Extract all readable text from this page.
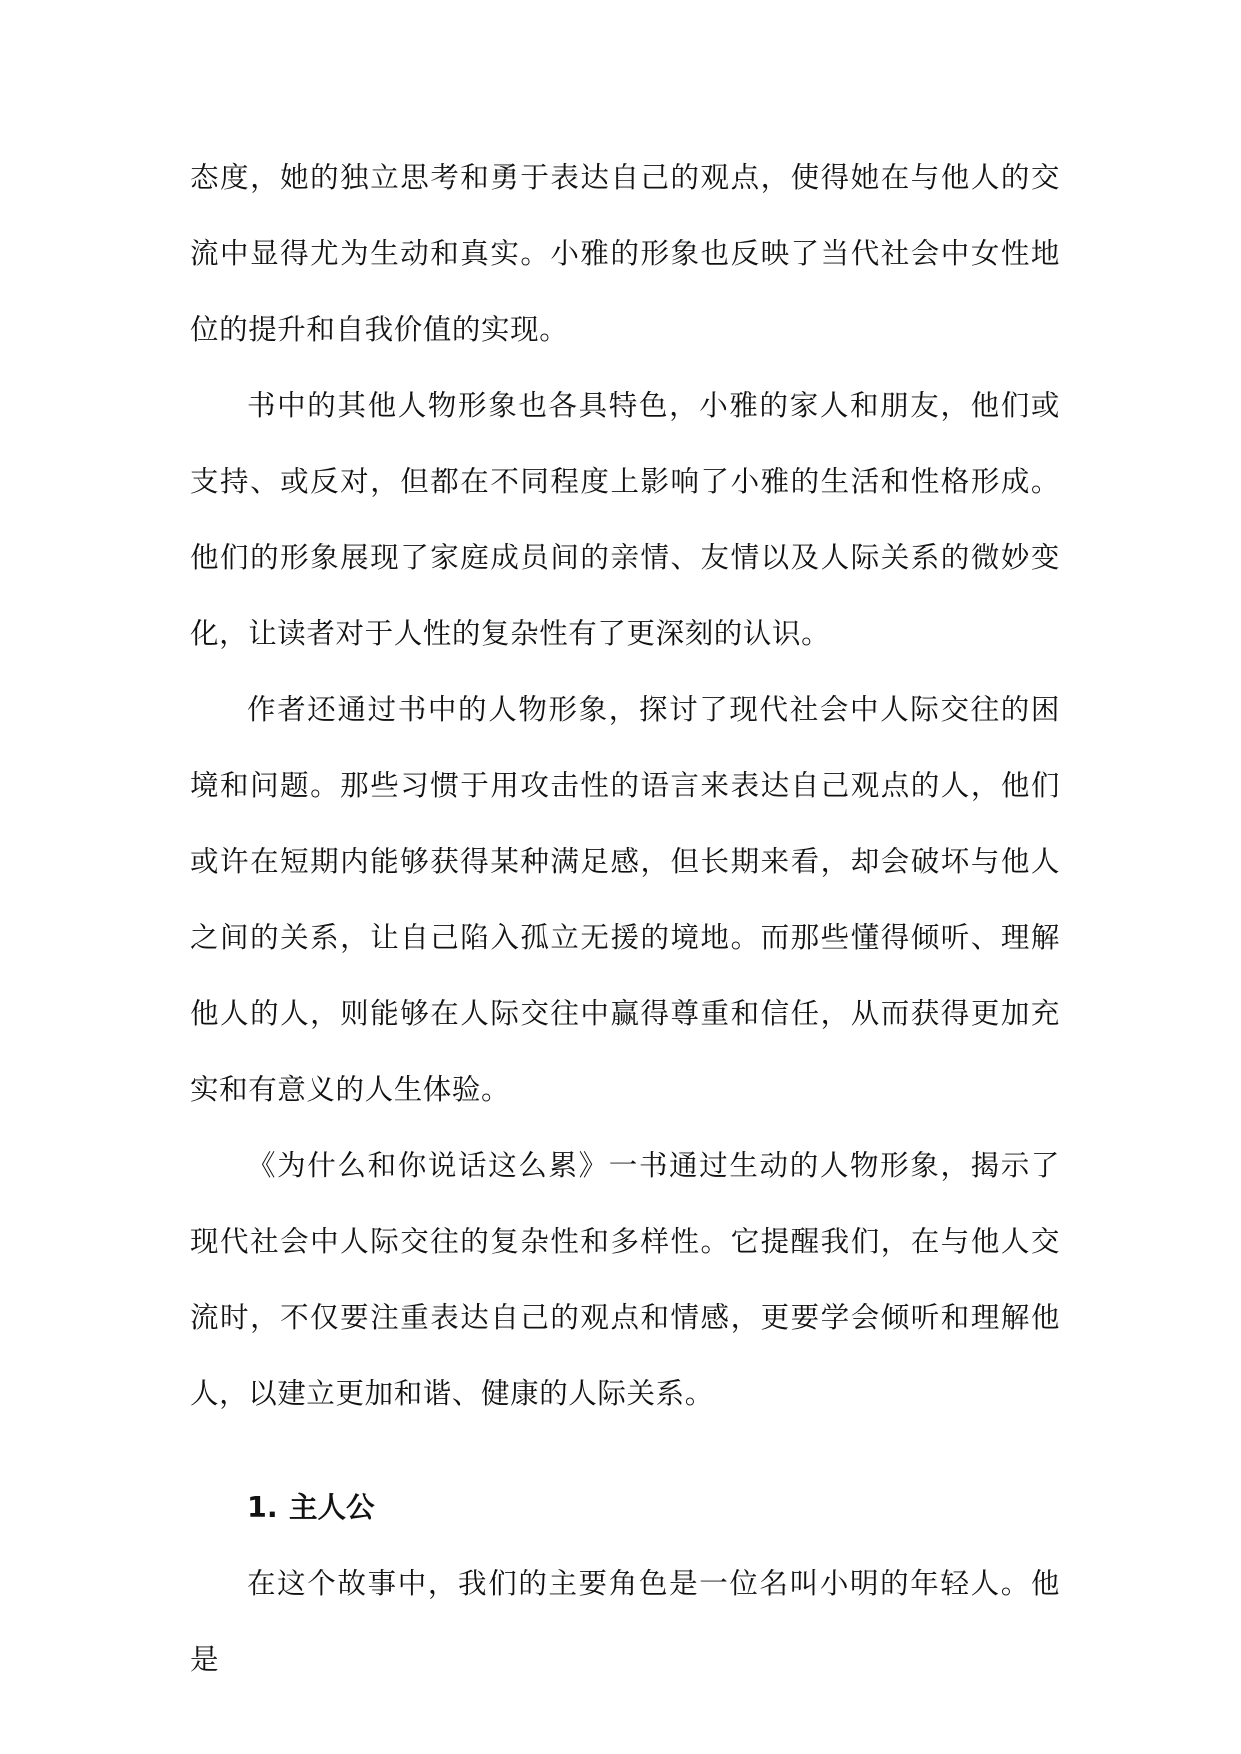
态度，她的独立思考和勇于表达自己的观点，使得她在与他人的交流中显得尤为生动和真实。小雅的形象也反映了当代社会中女性地位的提升和自我价值的实现。

书中的其他人物形象也各具特色，小雅的家人和朋友，他们或支持、或反对，但都在不同程度上影响了小雅的生活和性格形成。他们的形象展现了家庭成员间的亲情、友情以及人际关系的微妙变化，让读者对于人性的复杂性有了更深刻的认识。

作者还通过书中的人物形象，探讨了现代社会中人际交往的困境和问题。那些习惯于用攻击性的语言来表达自己观点的人，他们或许在短期内能够获得某种满足感，但长期来看，却会破坏与他人之间的关系，让自己陷入孤立无援的境地。而那些懂得倾听、理解他人的人，则能够在人际交往中赢得尊重和信任，从而获得更加充实和有意义的人生体验。

《为什么和你说话这么累》一书通过生动的人物形象，揭示了现代社会中人际交往的复杂性和多样性。它提醒我们，在与他人交流时，不仅要注重表达自己的观点和情感，更要学会倾听和理解他人，以建立更加和谐、健康的人际关系。

1. 主人公

在这个故事中，我们的主要角色是一位名叫小明的年轻人。他是
